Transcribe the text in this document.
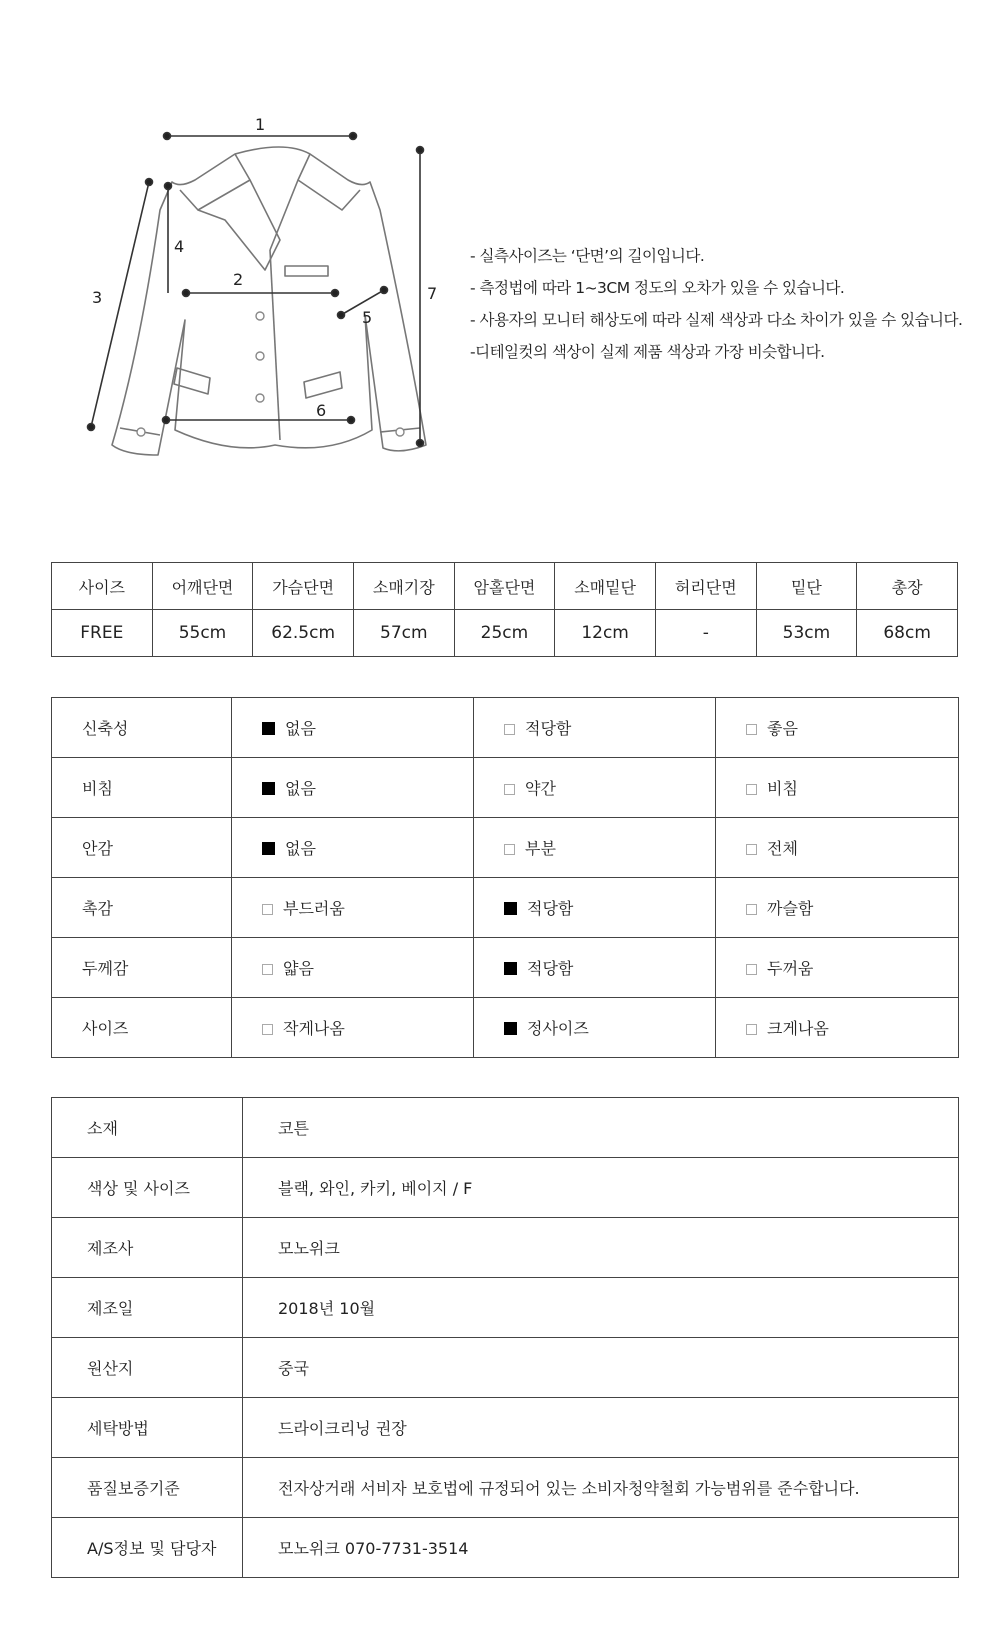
1
2
3
4
5
6
7
- 실측사이즈는 ‘단면’의 길이입니다.
- 측정법에 따라 1~3CM 정도의 오차가 있을 수 있습니다.
- 사용자의 모니터 해상도에 따라 실제 색상과 다소 차이가 있을 수 있습니다.
-디테일컷의 색상이 실제 제품 색상과 가장 비슷합니다.
사이즈	어깨단면	가슴단면	소매기장	암홀단면	소매밑단	허리단면	밑단	총장
FREE	55cm	62.5cm	57cm	25cm	12cm	-	53cm	68cm
신축성	없음	적당함	좋음
비침	없음	약간	비침
안감	없음	부분	전체
촉감	부드러움	적당함	까슬함
두께감	얇음	적당함	두꺼움
사이즈	작게나옴	정사이즈	크게나옴
소재	코튼
색상 및 사이즈	블랙, 와인, 카키, 베이지 / F
제조사	모노위크
제조일	2018년 10월
원산지	중국
세탁방법	드라이크리닝 권장
품질보증기준	전자상거래 서비자 보호법에 규정되어 있는 소비자청약철회 가능범위를 준수합니다.
A/S정보 및 담당자	모노위크 070-7731-3514
